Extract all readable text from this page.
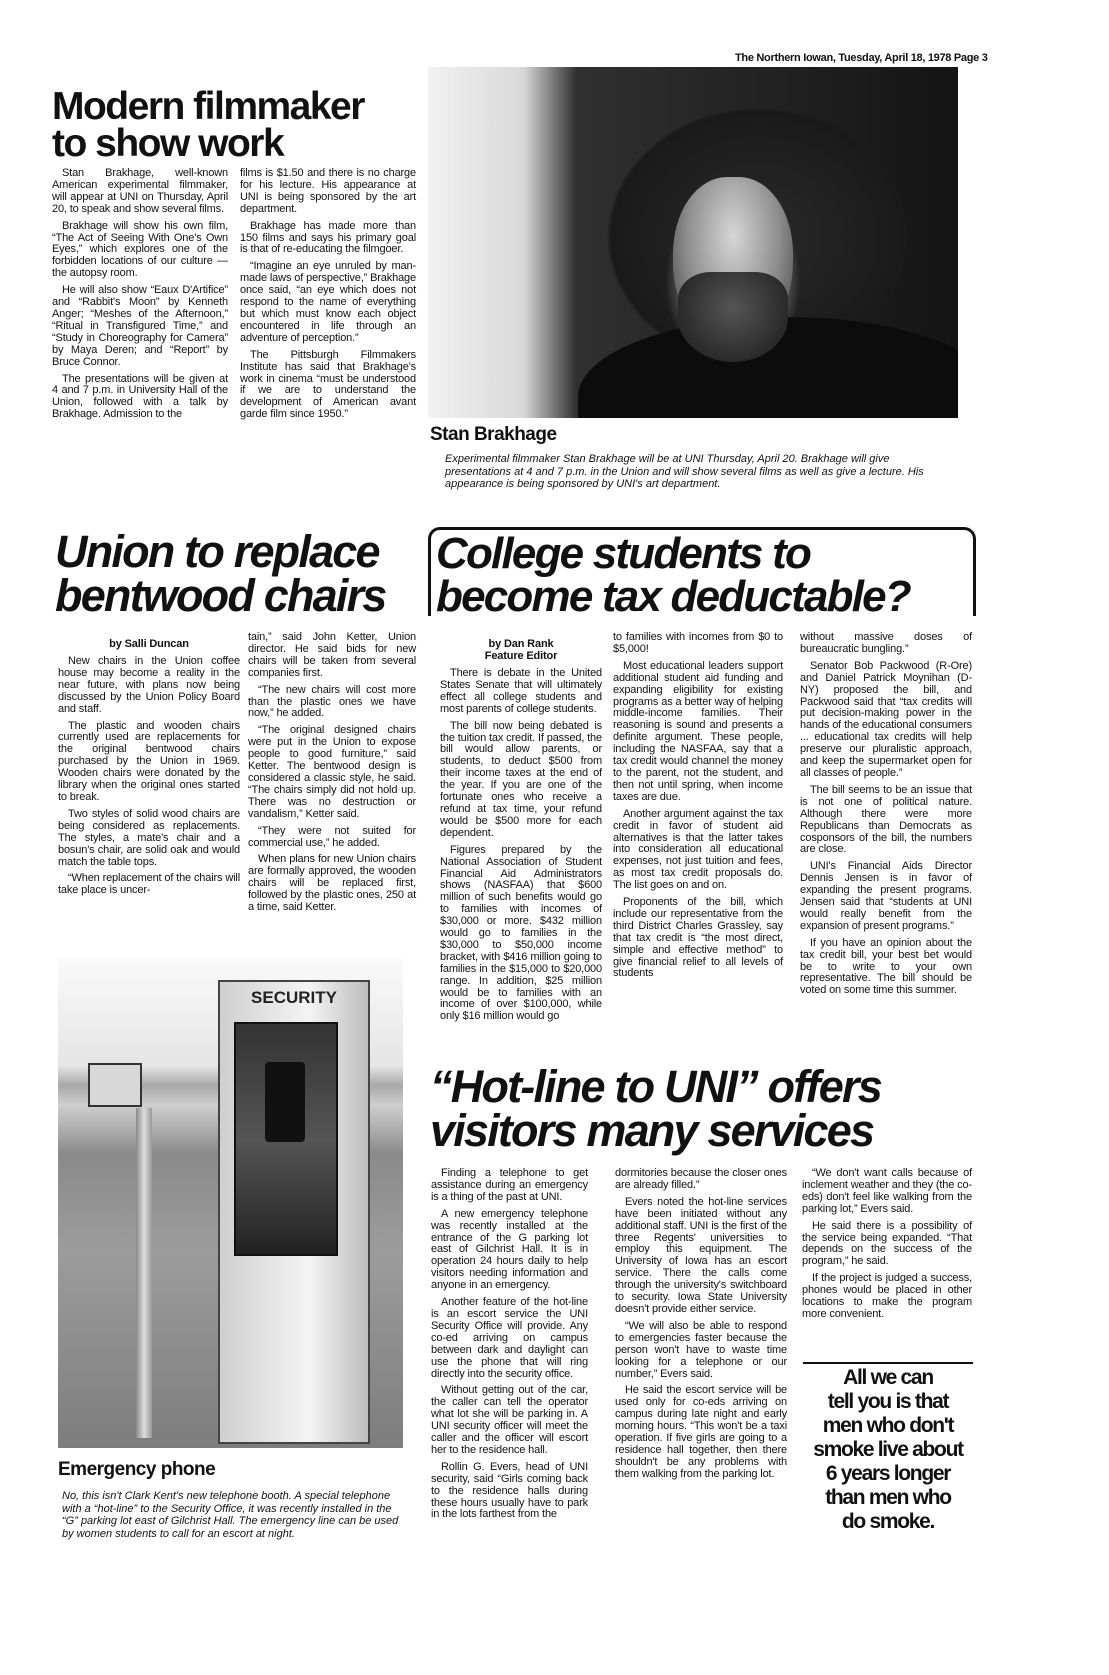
The Northern Iowan, Tuesday, April 18, 1978 Page 3
Modern filmmaker
to show work

Stan Brakhage, well-known American experimental filmmaker, will appear at UNI on Thursday, April 20, to speak and show several films.

Brakhage will show his own film, “The Act of Seeing With One's Own Eyes,” which explores one of the forbidden locations of our culture — the autopsy room.

He will also show “Eaux D'Artifice” and “Rabbit's Moon” by Kenneth Anger; “Meshes of the Afternoon,” “Ritual in Transfigured Time,” and “Study in Choreography for Camera” by Maya Deren; and “Report” by Bruce Connor.

The presentations will be given at 4 and 7 p.m. in University Hall of the Union, followed with a talk by Brakhage. Admission to the

films is $1.50 and there is no charge for his lecture. His appearance at UNI is being sponsored by the art department.

Brakhage has made more than 150 films and says his primary goal is that of re-educating the filmgoer.

“Imagine an eye unruled by man-made laws of perspective,” Brakhage once said, “an eye which does not respond to the name of everything but which must know each object encountered in life through an adventure of perception.”

The Pittsburgh Filmmakers Institute has said that Brakhage's work in cinema “must be understood if we are to understand the development of American avant garde film since 1950.”

Stan Brakhage
Experimental filmmaker Stan Brakhage will be at UNI Thursday, April 20. Brakhage will give presentations at 4 and 7 p.m. in the Union and will show several films as well as give a lecture. His appearance is being sponsored by UNI's art department.
Union to replace
bentwood chairs
by Salli Duncan

New chairs in the Union coffee house may become a reality in the near future, with plans now being discussed by the Union Policy Board and staff.

The plastic and wooden chairs currently used are replacements for the original bentwood chairs purchased by the Union in 1969. Wooden chairs were donated by the library when the original ones started to break.

Two styles of solid wood chairs are being considered as replacements. The styles, a mate's chair and a bosun's chair, are solid oak and would match the table tops.

“When replacement of the chairs will take place is uncer-

tain,” said John Ketter, Union director. He said bids for new chairs will be taken from several companies first.

“The new chairs will cost more than the plastic ones we have now,” he added.

“The original designed chairs were put in the Union to expose people to good furniture,” said Ketter. The bentwood design is considered a classic style, he said. “The chairs simply did not hold up. There was no destruction or vandalism,” Ketter said.

“They were not suited for commercial use,” he added.

When plans for new Union chairs are formally approved, the wooden chairs will be replaced first, followed by the plastic ones, 250 at a time, said Ketter.

College students to
become tax deductable?
by Dan Rank
Feature Editor

There is debate in the United States Senate that will ultimately effect all college students and most parents of college students.

The bill now being debated is the tuition tax credit. If passed, the bill would allow parents, or students, to deduct $500 from their income taxes at the end of the year. If you are one of the fortunate ones who receive a refund at tax time, your refund would be $500 more for each dependent.

Figures prepared by the National Association of Student Financial Aid Administrators shows (NASFAA) that $600 million of such benefits would go to families with incomes of $30,000 or more. $432 million would go to families in the $30,000 to $50,000 income bracket, with $416 million going to families in the $15,000 to $20,000 range. In addition, $25 million would be to families with an income of over $100,000, while only $16 million would go

to families with incomes from $0 to $5,000!

Most educational leaders support additional student aid funding and expanding eligibility for existing programs as a better way of helping middle-income families. Their reasoning is sound and presents a definite argument. These people, including the NASFAA, say that a tax credit would channel the money to the parent, not the student, and then not until spring, when income taxes are due.

Another argument against the tax credit in favor of student aid alternatives is that the latter takes into consideration all educational expenses, not just tuition and fees, as most tax credit proposals do. The list goes on and on.

Proponents of the bill, which include our representative from the third District Charles Grassley, say that tax credit is “the most direct, simple and effective method” to give financial relief to all levels of students

without massive doses of bureaucratic bungling.”

Senator Bob Packwood (R-Ore) and Daniel Patrick Moynihan (D-NY) proposed the bill, and Packwood said that “tax credits will put decision-making power in the hands of the educational consumers ... educational tax credits will help preserve our pluralistic approach, and keep the supermarket open for all classes of people.”

The bill seems to be an issue that is not one of political nature. Although there were more Republicans than Democrats as cosponsors of the bill, the numbers are close.

UNI's Financial Aids Director Dennis Jensen is in favor of expanding the present programs. Jensen said that “students at UNI would really benefit from the expansion of present programs.”

If you have an opinion about the tax credit bill, your best bet would be to write to your own representative. The bill should be voted on some time this summer.

SECURITY
Emergency phone
No, this isn't Clark Kent's new telephone booth. A special telephone with a “hot-line” to the Security Office, it was recently installed in the “G” parking lot east of Gilchrist Hall. The emergency line can be used by women students to call for an escort at night.
“Hot-line to UNI” offers
visitors many services

Finding a telephone to get assistance during an emergency is a thing of the past at UNI.

A new emergency telephone was recently installed at the entrance of the G parking lot east of Gilchrist Hall. It is in operation 24 hours daily to help visitors needing information and anyone in an emergency.

Another feature of the hot-line is an escort service the UNI Security Office will provide. Any co-ed arriving on campus between dark and daylight can use the phone that will ring directly into the security office.

Without getting out of the car, the caller can tell the operator what lot she will be parking in. A UNI security officer will meet the caller and the officer will escort her to the residence hall.

Rollin G. Evers, head of UNI security, said “Girls coming back to the residence halls during these hours usually have to park in the lots farthest from the

dormitories because the closer ones are already filled.”

Evers noted the hot-line services have been initiated without any additional staff. UNI is the first of the three Regents' universities to employ this equipment. The University of Iowa has an escort service. There the calls come through the university's switchboard to security. Iowa State University doesn't provide either service.

“We will also be able to respond to emergencies faster because the person won't have to waste time looking for a telephone or our number,” Evers said.

He said the escort service will be used only for co-eds arriving on campus during late night and early morning hours. “This won't be a taxi operation. If five girls are going to a residence hall together, then there shouldn't be any problems with them walking from the parking lot.

“We don't want calls because of inclement weather and they (the co-eds) don't feel like walking from the parking lot,” Evers said.

He said there is a possibility of the service being expanded. “That depends on the success of the program,” he said.

If the project is judged a success, phones would be placed in other locations to make the program more convenient.

All we can
tell you is that
men who don't
smoke live about
6 years longer
than men who
do smoke.
